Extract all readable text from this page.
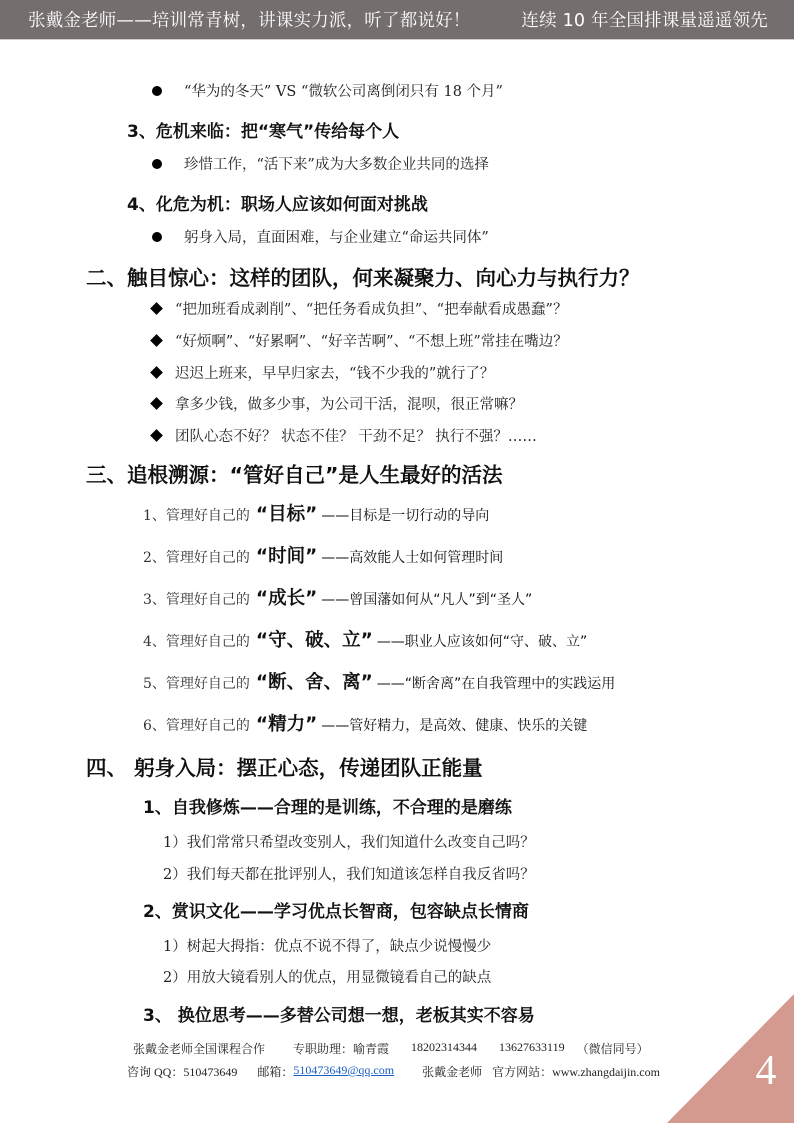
张戴金老师——培训常青树，讲课实力派，听了都说好！	连续 10 年全国排课量遥遥领先
“华为的冬天” VS “微软公司离倒闭只有 18 个月”
3、危机来临：把“寒气”传给每个人
珍惜工作，“活下来”成为大多数企业共同的选择
4、化危为机：职场人应该如何面对挑战
躬身入局，直面困难，与企业建立“命运共同体”
二、触目惊心：这样的团队，何来凝聚力、向心力与执行力？
“把加班看成剥削”、“把任务看成负担”、“把奉献看成愚蠢”？
“好烦啊”、“好累啊”、“好辛苦啊”、“不想上班”常挂在嘴边？
迟迟上班来，早早归家去，“钱不少我的”就行了？
拿多少钱，做多少事，为公司干活，混呗，很正常嘛？
团队心态不好？ 状态不佳？ 干劲不足？ 执行不强？……
三、追根溯源：“管好自己”是人生最好的活法
1、管理好自己的 “目标” ——目标是一切行动的导向
2、管理好自己的 “时间” ——高效能人士如何管理时间
3、管理好自己的 “成长” ——曾国藩如何从“凡人”到“圣人”
4、管理好自己的 “守、破、立” ——职业人应该如何“守、破、立”
5、管理好自己的 “断、舍、离” ——“断舍离”在自我管理中的实践运用
6、管理好自己的 “精力” ——管好精力，是高效、健康、快乐的关键
四、 躬身入局：摆正心态，传递团队正能量
1、自我修炼——合理的是训练，不合理的是磨练
1）我们常常只希望改变别人，我们知道什么改变自己吗？
2）我们每天都在批评别人，我们知道该怎样自我反省吗？
2、赏识文化——学习优点长智商，包容缺点长情商
1）树起大拇指：优点不说不得了，缺点少说慢慢少
2）用放大镜看别人的优点，用显微镜看自己的缺点
3、 换位思考——多替公司想一想，老板其实不容易
张戴金老师全国课程合作 专职助理：喻青霞 18202314344 13627633119 （微信同号）
咨询 QQ：510473649 邮箱： 510473649@qq.com 张戴金老师 官方网站：www.zhangdaijin.com 4
